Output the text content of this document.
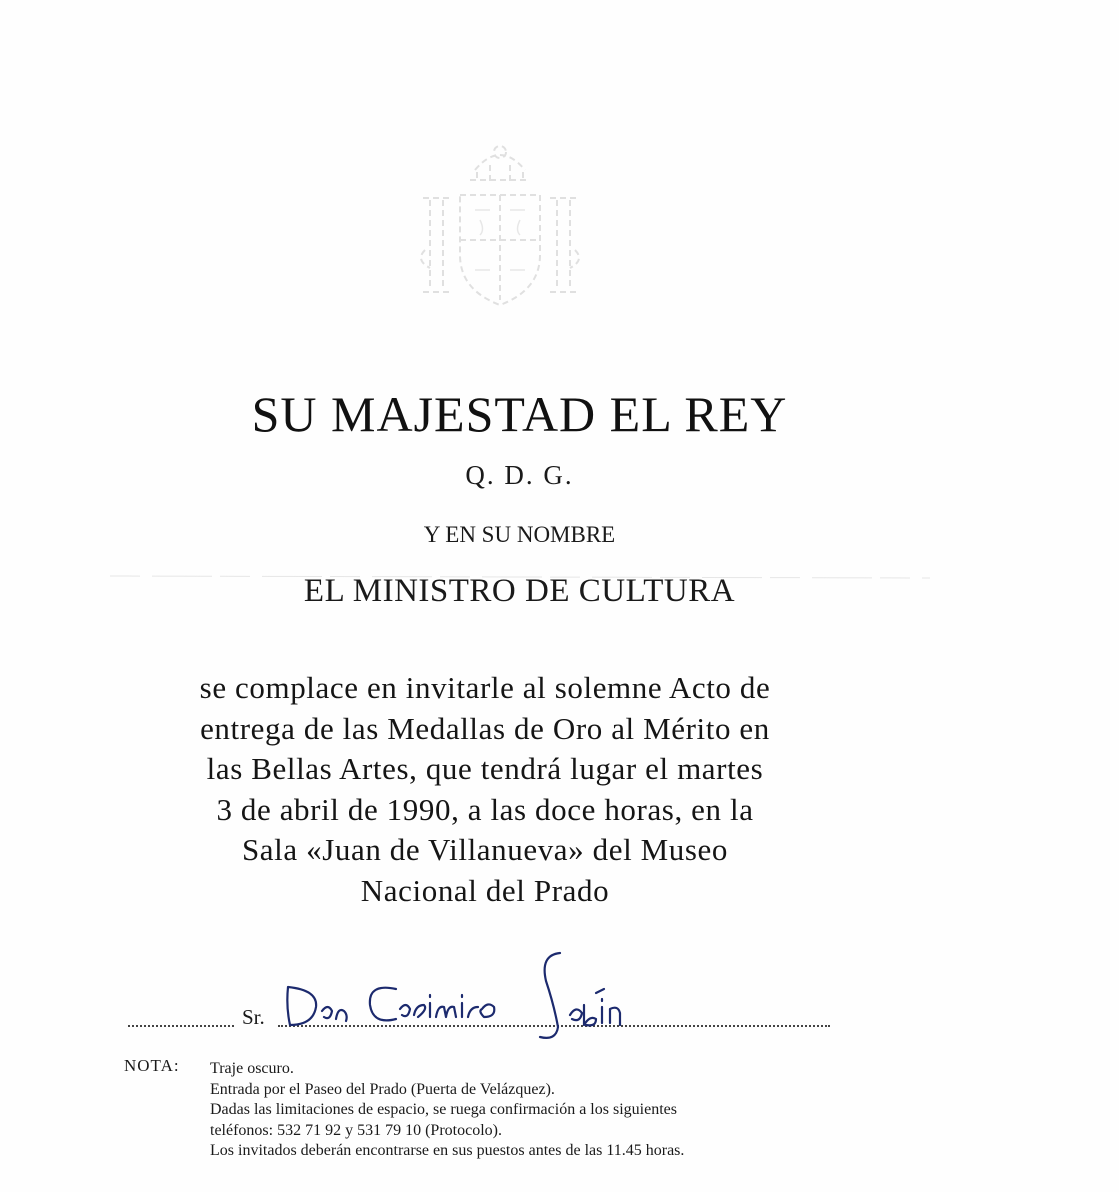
SU MAJESTAD EL REY
Q. D. G.
Y EN SU NOMBRE
EL MINISTRO DE CULTURA
se complace en invitarle al solemne Acto de
entrega de las Medallas de Oro al Mérito en
las Bellas Artes, que tendrá lugar el martes
3 de abril de 1990, a las doce horas, en la
Sala «Juan de Villanueva» del Museo
Nacional del Prado
Sr.
NOTA: Traje oscuro.
Entrada por el Paseo del Prado (Puerta de Velázquez).
Dadas las limitaciones de espacio, se ruega confirmación a los siguientes
teléfonos: 532 71 92 y 531 79 10 (Protocolo).
Los invitados deberán encontrarse en sus puestos antes de las 11.45 horas.
